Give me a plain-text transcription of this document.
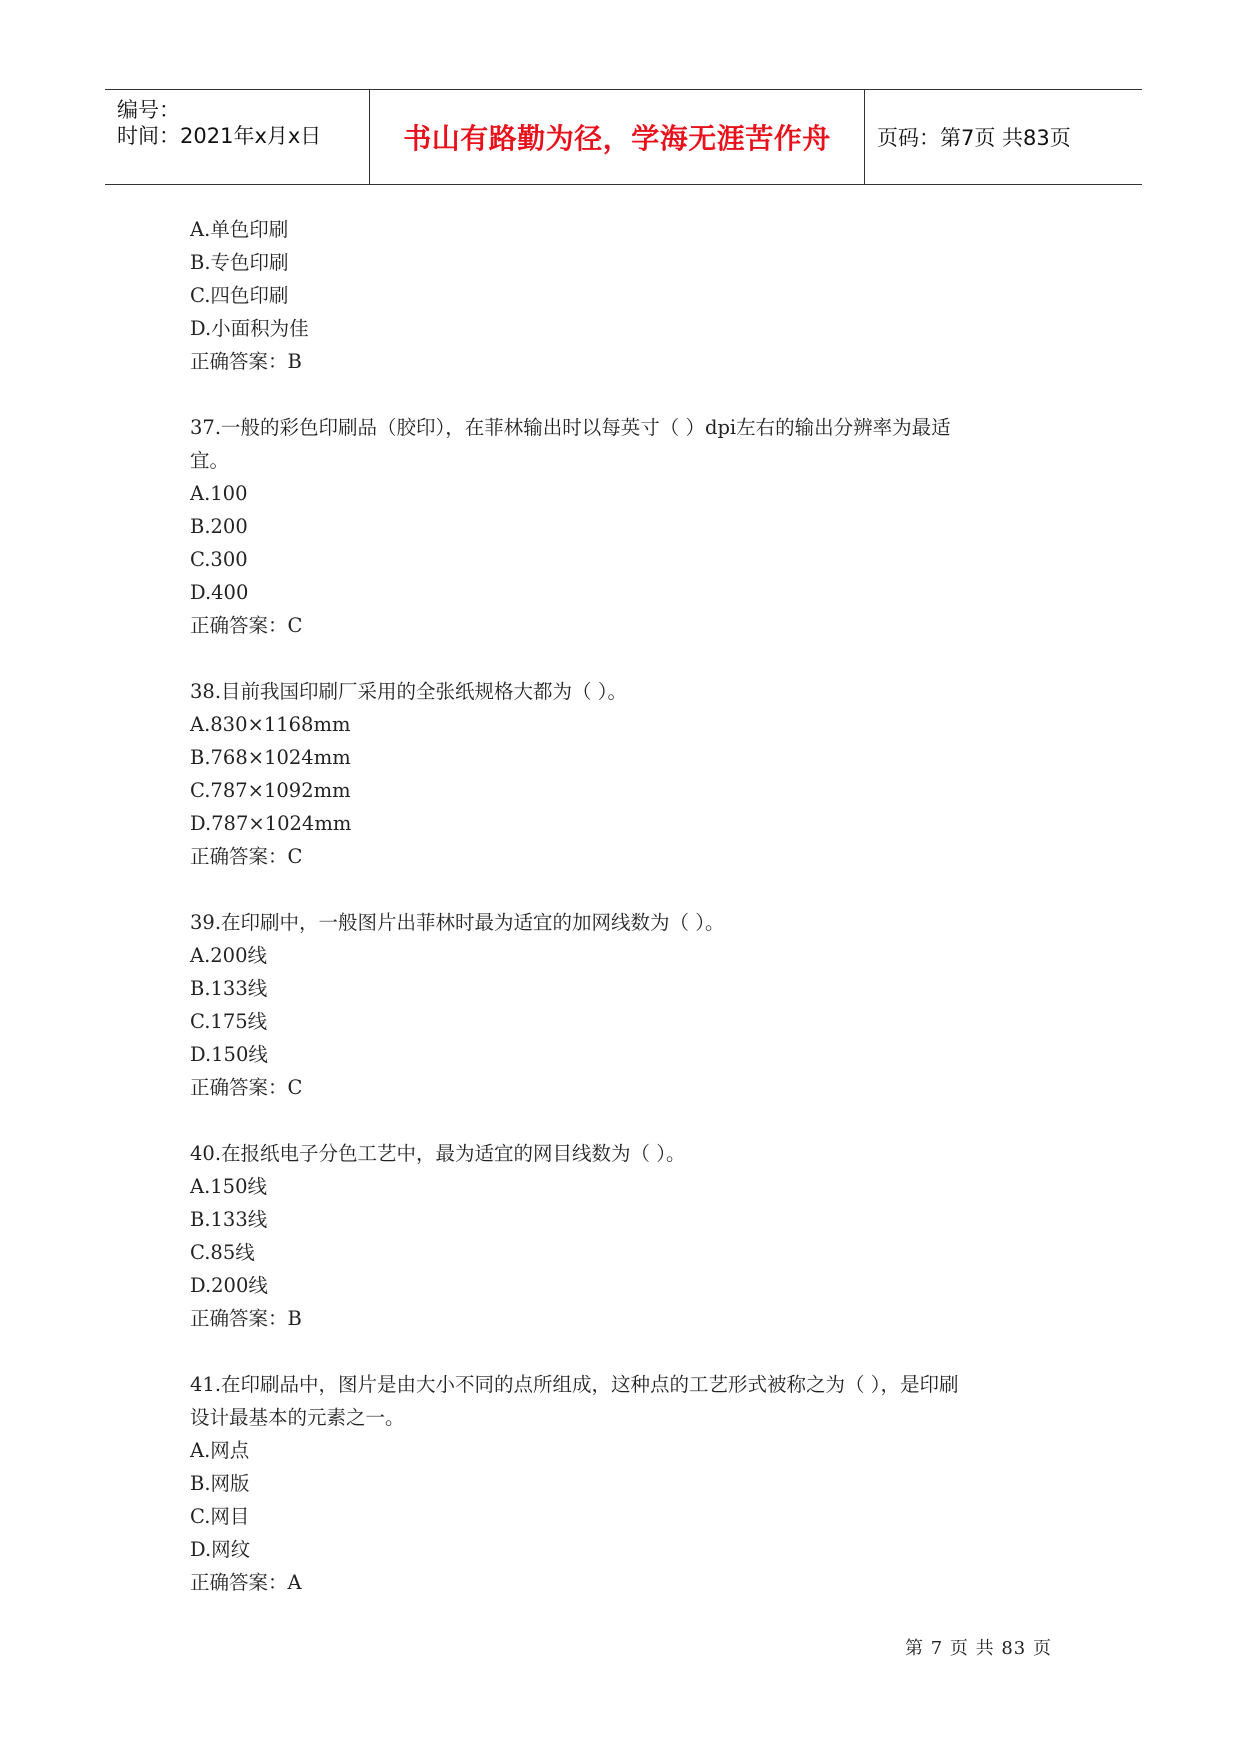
编号：
时间：2021年x月x日	书山有路勤为径，学海无涯苦作舟	页码：第7页 共83页
A.单色印刷
B.专色印刷
C.四色印刷
D.小面积为佳
正确答案：B
37.一般的彩色印刷品（胶印），在菲林输出时以每英寸（ ）dpi左右的输出分辨率为最适
宜。
A.100
B.200
C.300
D.400
正确答案：C
38.目前我国印刷厂采用的全张纸规格大都为（ ）。
A.830×1168mm
B.768×1024mm
C.787×1092mm
D.787×1024mm
正确答案：C
39.在印刷中，一般图片出菲林时最为适宜的加网线数为（ ）。
A.200线
B.133线
C.175线
D.150线
正确答案：C
40.在报纸电子分色工艺中，最为适宜的网目线数为（ ）。
A.150线
B.133线
C.85线
D.200线
正确答案：B
41.在印刷品中，图片是由大小不同的点所组成，这种点的工艺形式被称之为（ ），是印刷
设计最基本的元素之一。
A.网点
B.网版
C.网目
D.网纹
正确答案：A
第 7 页 共 83 页
